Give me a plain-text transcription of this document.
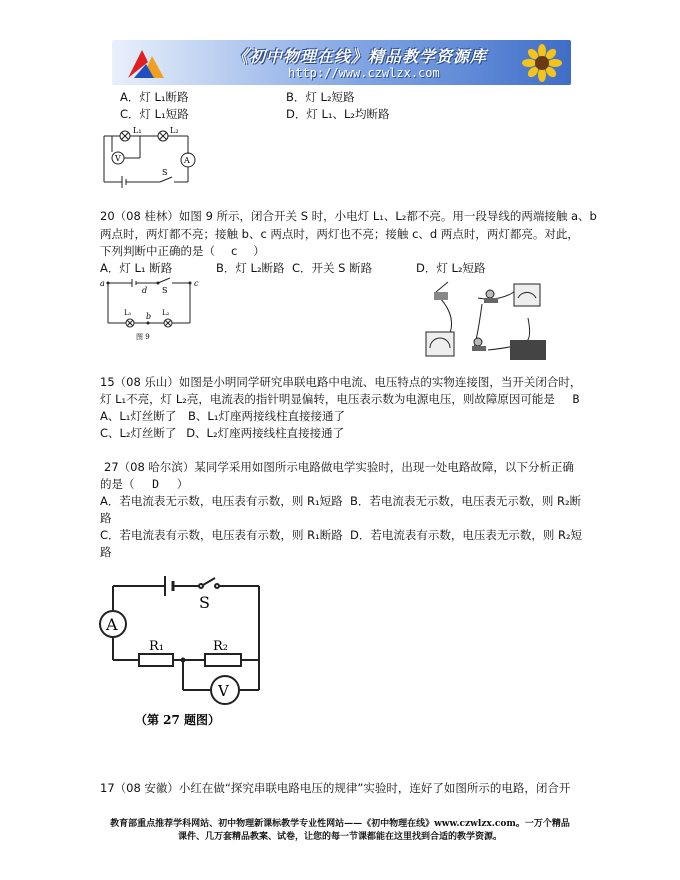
《初中物理在线》精品教学资源库
http://www.czwlzx.com
A．灯 L₁断路	B．灯 L₂短路
C．灯 L₁短路	D．灯 L₁、L₂均断路
L₁	L₂
V	A
S
20（08 桂林）如图 9 所示，闭合开关 S 时，小电灯 L₁、L₂都不亮。用一段导线的两端接触 a、b
两点时，两灯都不亮；接触 b、c 两点时，两灯也不亮；接触 c、d 两点时，两灯都亮。对此，
下列判断中正确的是（ c ）
A．灯 L₁ 断路	B．灯 L₂断路 C．开关 S 断路	D．灯 L₂短路
a
d S
c
b
L₁	L₂
图 9
15（08 乐山）如图是小明同学研究串联电路中电流、电压特点的实物连接图，当开关闭合时，
灯 L₁不亮，灯 L₂亮，电流表的指针明显偏转，电压表示数为电源电压，则故障原因可能是 B
A、L₁灯丝断了 B、L₁灯座两接线柱直接接通了
C、L₂灯丝断了 D、L₂灯座两接线柱直接接通了
27（08 哈尔滨）某同学采用如图所示电路做电学实验时，出现一处电路故障，以下分析正确
的是（ D ）
A．若电流表无示数，电压表有示数，则 R₁短路 B．若电流表无示数，电压表无示数，则 R₂断
路
C．若电流表有示数，电压表有示数，则 R₁断路 D．若电流表有示数，电压表无示数，则 R₂短
路
A
S
R₁	R₂
V
（第 27 题图）
17（08 安徽）小红在做“探究串联电路电压的规律”实验时，连好了如图所示的电路，闭合开
教育部重点推荐学科网站、初中物理新课标教学专业性网站——《初中物理在线》www.czwlzx.com。一万个精品
课件、几万套精品教案、试卷，让您的每一节课都能在这里找到合适的教学资源。
